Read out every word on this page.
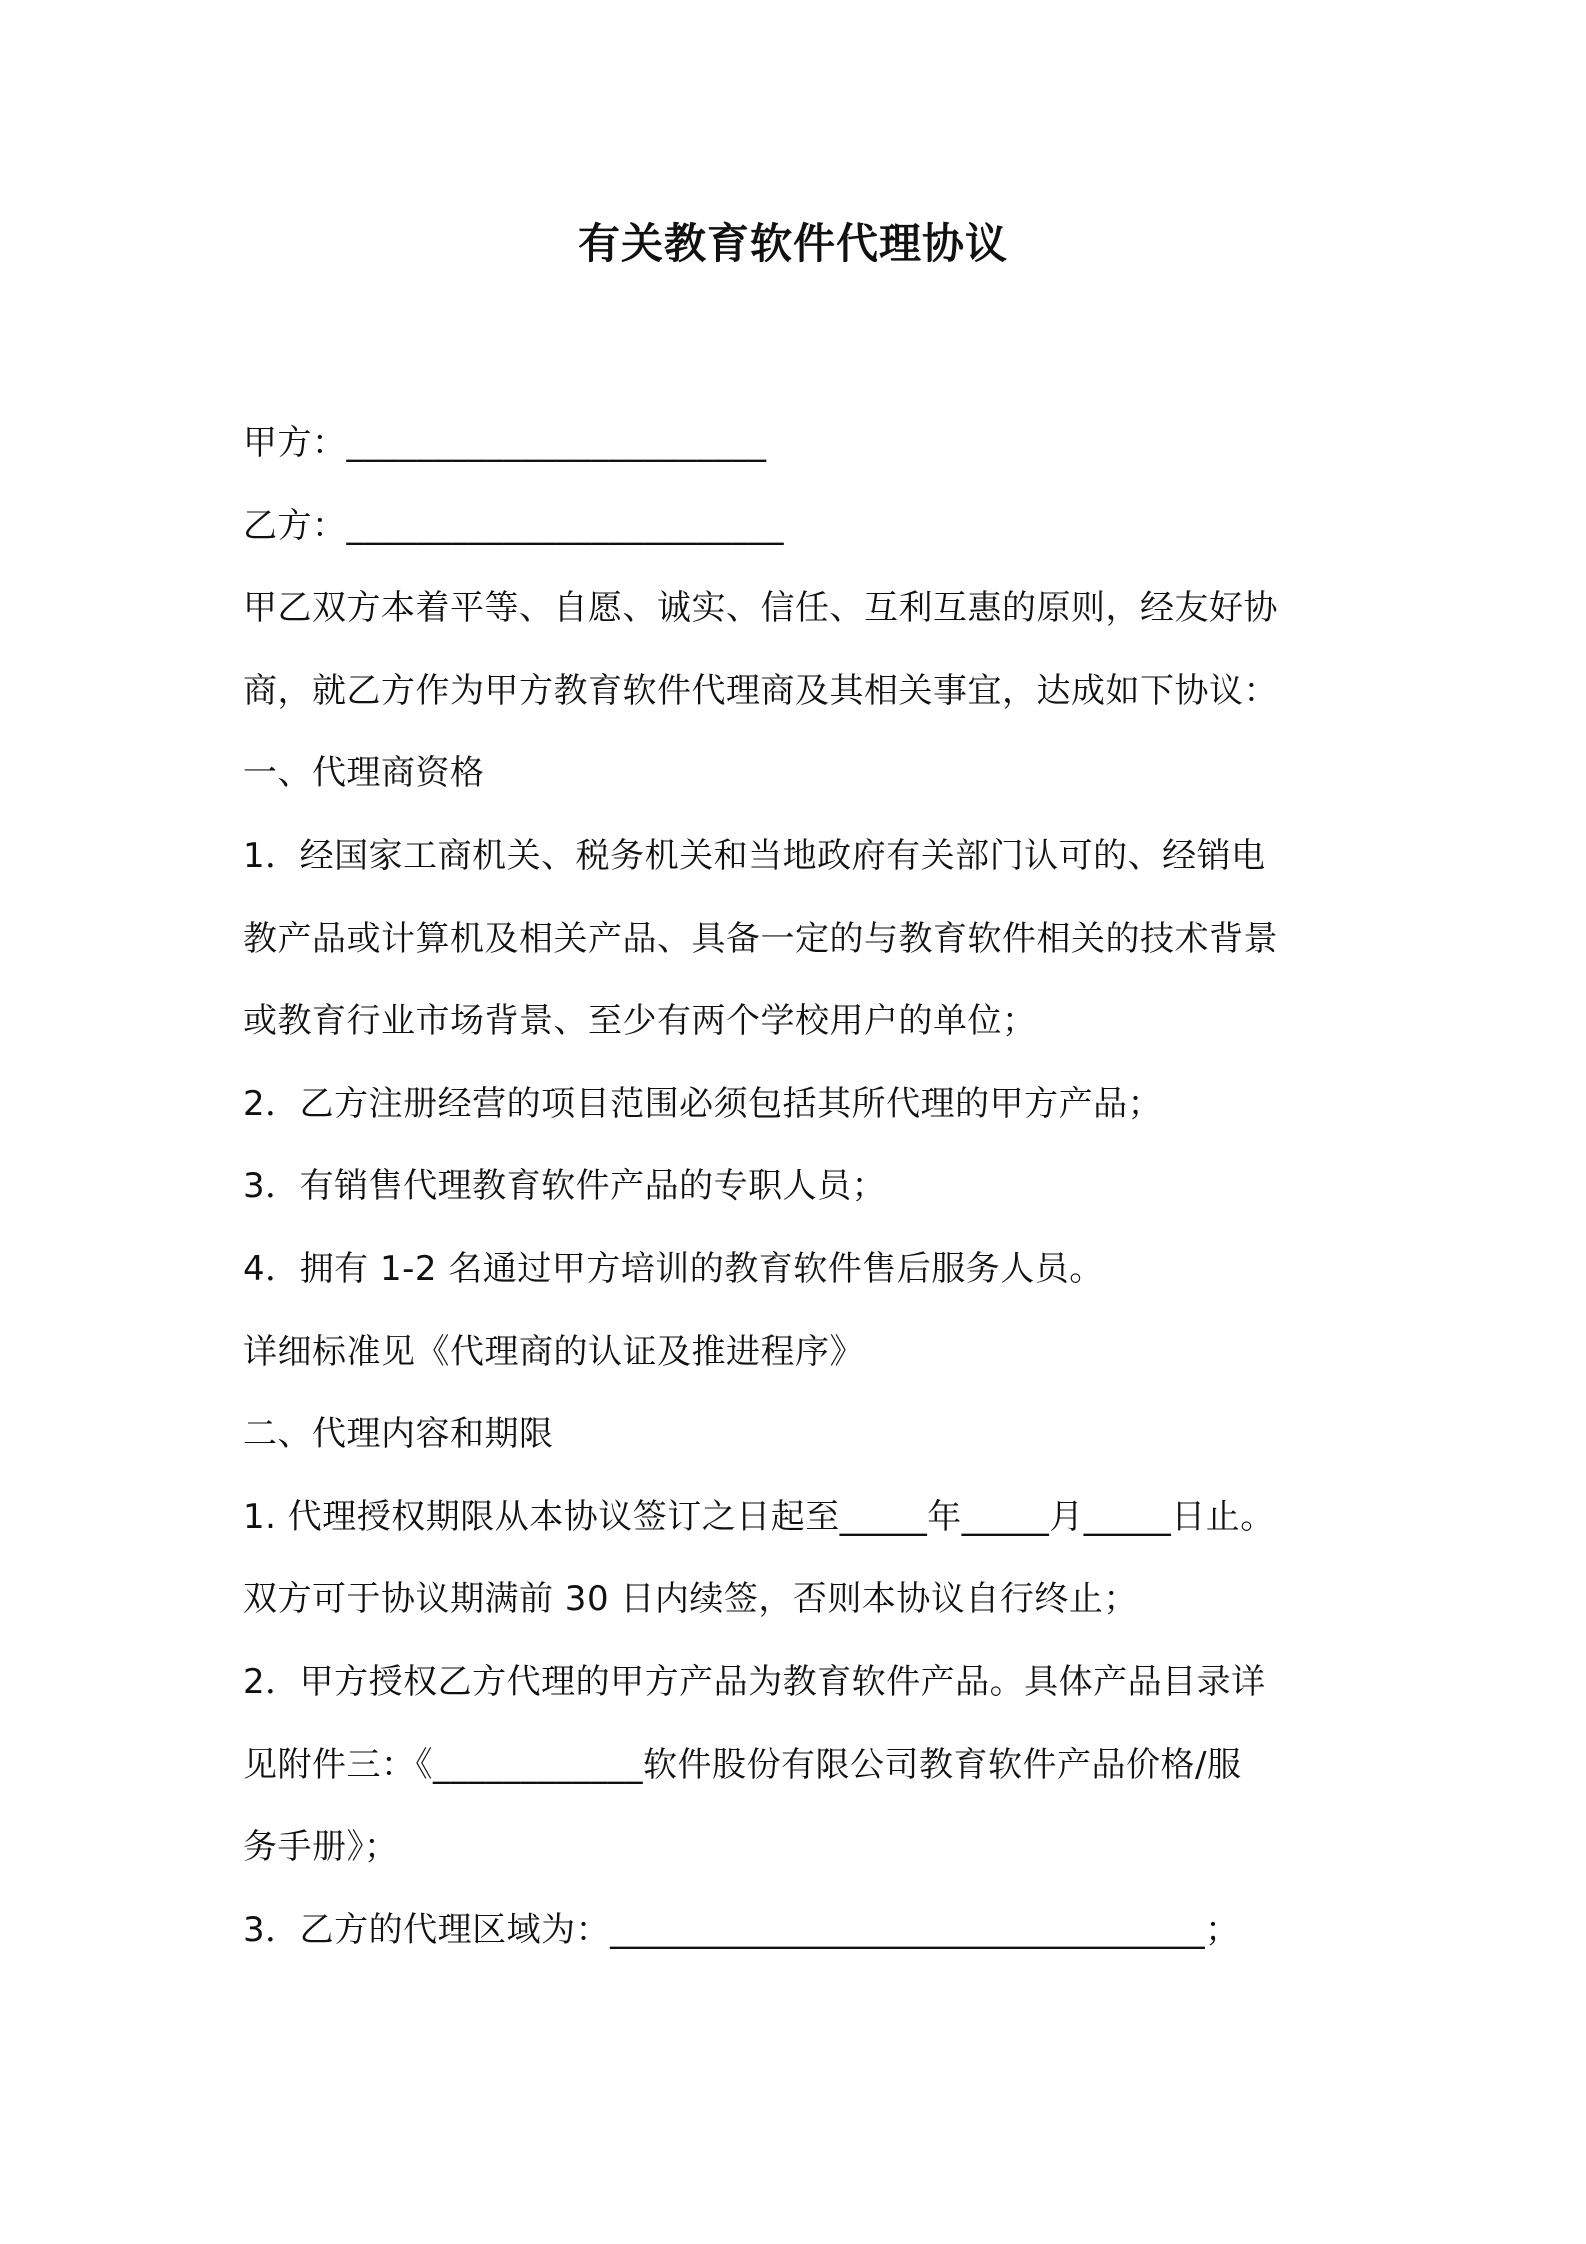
有关教育软件代理协议

甲方：________________________

乙方：_________________________

甲乙双方本着平等、自愿、诚实、信任、互利互惠的原则，经友好协

商，就乙方作为甲方教育软件代理商及其相关事宜，达成如下协议：

一、代理商资格

1．经国家工商机关、税务机关和当地政府有关部门认可的、经销电

教产品或计算机及相关产品、具备一定的与教育软件相关的技术背景

或教育行业市场背景、至少有两个学校用户的单位；

2．乙方注册经营的项目范围必须包括其所代理的甲方产品；

3．有销售代理教育软件产品的专职人员；

4．拥有 1-2 名通过甲方培训的教育软件售后服务人员。

详细标准见《代理商的认证及推进程序》

二、代理内容和期限

1. 代理授权期限从本协议签订之日起至_____年_____月_____日止。

双方可于协议期满前 30 日内续签，否则本协议自行终止；

2．甲方授权乙方代理的甲方产品为教育软件产品。具体产品目录详

见附件三：《____________软件股份有限公司教育软件产品价格/服

务手册》；

3．乙方的代理区域为：__________________________________；
